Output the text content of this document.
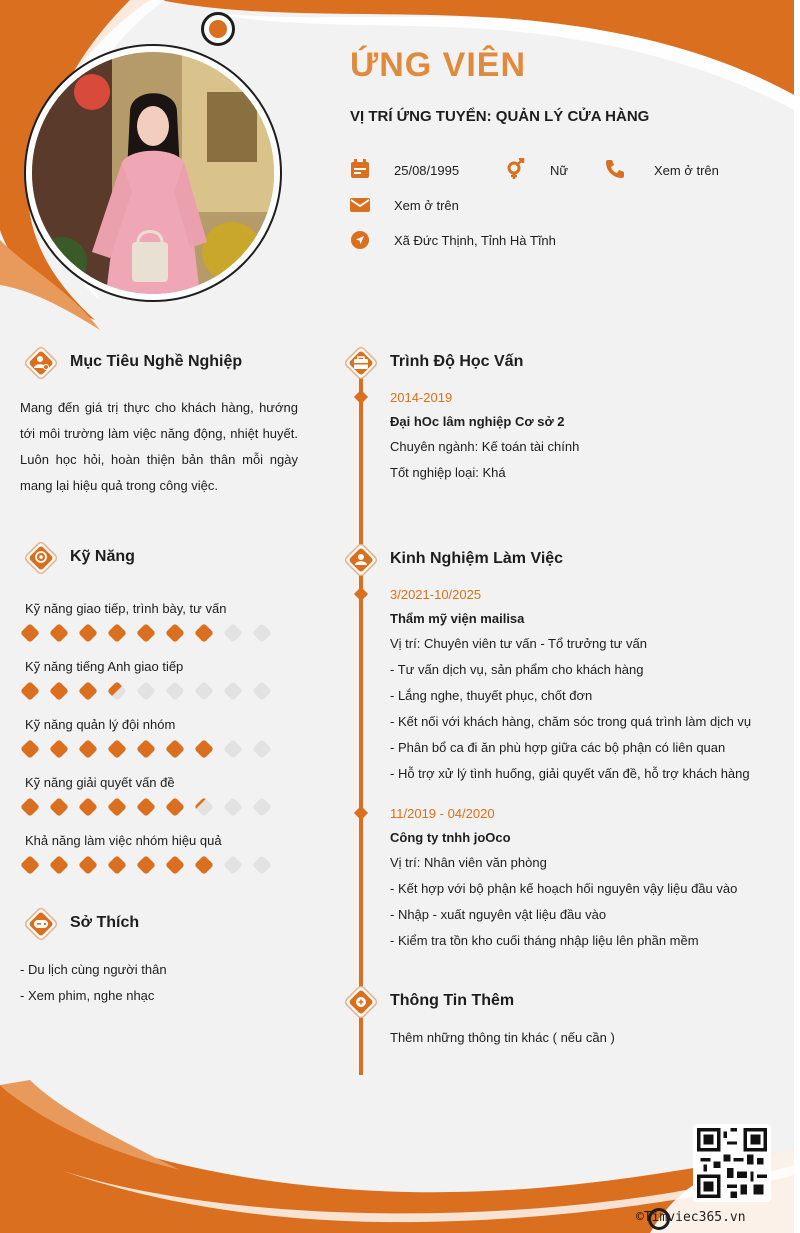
ỨNG VIÊN
VỊ TRÍ ỨNG TUYỂN: QUẢN LÝ CỬA HÀNG
25/08/1995	Nữ	Xem ở trên
Xem ở trên
Xã Đức Thịnh, Tỉnh Hà Tĩnh
Mục Tiêu Nghề Nghiệp
Mang đến giá trị thực cho khách hàng, hướng tới môi trường làm việc năng động, nhiệt huyết. Luôn học hỏi, hoàn thiện bản thân mỗi ngày mang lại hiệu quả trong công việc.
Kỹ Năng
Kỹ năng giao tiếp, trình bày, tư vấn
Kỹ năng tiếng Anh giao tiếp
Kỹ năng quản lý đội nhóm
Kỹ năng giải quyết vấn đề
Khả năng làm việc nhóm hiệu quả
Sở Thích
- Du lịch cùng người thân
- Xem phim, nghe nhạc
Trình Độ Học Vấn
2014-2019
Đại hOc lâm nghiệp Cơ sở 2
Chuyên ngành: Kế toán tài chính
Tốt nghiệp loại: Khá
Kinh Nghiệm Làm Việc
3/2021-10/2025
Thẩm mỹ viện mailisa
Vị trí: Chuyên viên tư vấn - Tổ trưởng tư vấn
- Tư vấn dịch vụ, sản phẩm cho khách hàng
- Lắng nghe, thuyết phục, chốt đơn
- Kết nối với khách hàng, chăm sóc trong quá trình làm dịch vụ
- Phân bổ ca đi ăn phù hợp giữa các bộ phận có liên quan
- Hỗ trợ xử lý tình huống, giải quyết vấn đề, hỗ trợ khách hàng
11/2019 - 04/2020
Công ty tnhh joOco
Vị trí: Nhân viên văn phòng
- Kết hợp với bộ phận kế hoạch hối nguyên vậy liệu đầu vào
- Nhập - xuất nguyên vật liệu đầu vào
- Kiểm tra tồn kho cuối tháng nhập liệu lên phần mềm
Thông Tin Thêm
Thêm những thông tin khác ( nếu cần )
©Timviec365.vn
